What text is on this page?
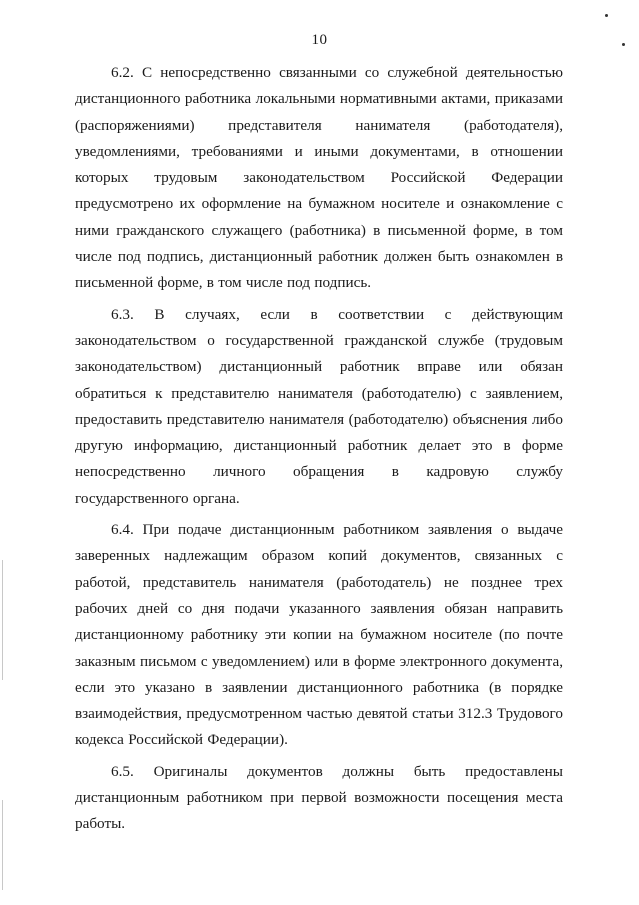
10

6.2. С непосредственно связанными со служебной деятельностью дистанционного работника локальными нормативными актами, приказами (распоряжениями) представителя нанимателя (работодателя), уведомлениями, требованиями и иными документами, в отношении которых трудовым законодательством Российской Федерации предусмотрено их оформление на бумажном носителе и ознакомление с ними гражданского служащего (работника) в письменной форме, в том числе под подпись, дистанционный работник должен быть ознакомлен в письменной форме, в том числе под подпись.

6.3. В случаях, если в соответствии с действующим законодательством о государственной гражданской службе (трудовым законодательством) дистанционный работник вправе или обязан обратиться к представителю нанимателя (работодателю) с заявлением, предоставить представителю нанимателя (работодателю) объяснения либо другую информацию, дистанционный работник делает это в форме непосредственно личного обращения в кадровую службу государственного органа.

6.4. При подаче дистанционным работником заявления о выдаче заверенных надлежащим образом копий документов, связанных с работой, представитель нанимателя (работодатель) не позднее трех рабочих дней со дня подачи указанного заявления обязан направить дистанционному работнику эти копии на бумажном носителе (по почте заказным письмом с уведомлением) или в форме электронного документа, если это указано в заявлении дистанционного работника (в порядке взаимодействия, предусмотренном частью девятой статьи 312.3 Трудового кодекса Российской Федерации).

6.5. Оригиналы документов должны быть предоставлены дистанционным работником при первой возможности посещения места работы.
